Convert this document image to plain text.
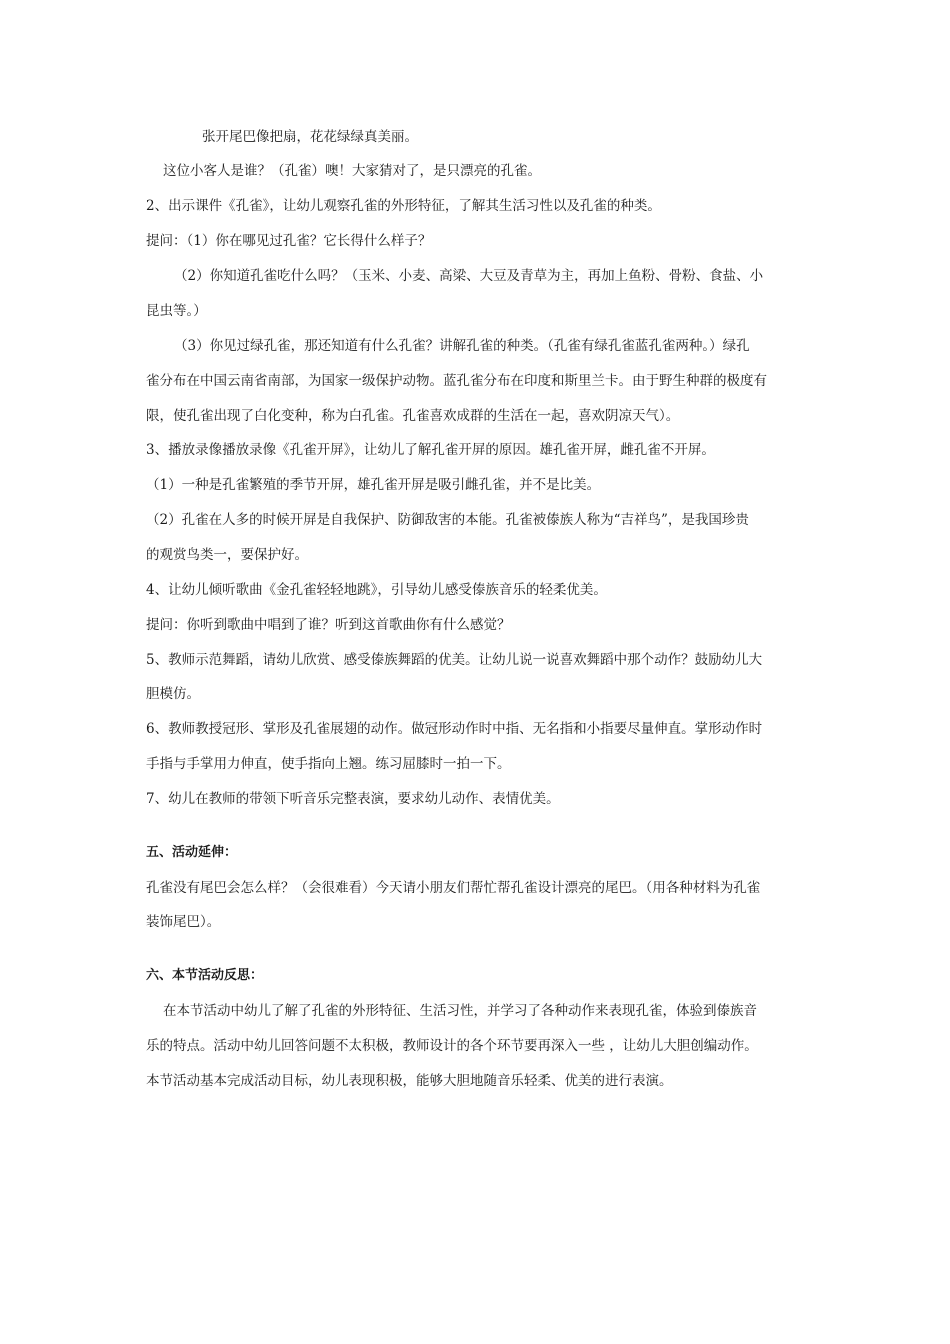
张开尾巴像把扇，花花绿绿真美丽。
这位小客人是谁？（孔雀）噢！大家猜对了，是只漂亮的孔雀。
2、出示课件《孔雀》，让幼儿观察孔雀的外形特征，了解其生活习性以及孔雀的种类。
提问：（1）你在哪见过孔雀？它长得什么样子？
（2）你知道孔雀吃什么吗？（玉米、小麦、高梁、大豆及青草为主，再加上鱼粉、骨粉、食盐、小
昆虫等。）
（3）你见过绿孔雀，那还知道有什么孔雀？讲解孔雀的种类。（孔雀有绿孔雀蓝孔雀两种。）绿孔
雀分布在中国云南省南部，为国家一级保护动物。蓝孔雀分布在印度和斯里兰卡。由于野生种群的极度有
限，使孔雀出现了白化变种，称为白孔雀。孔雀喜欢成群的生活在一起，喜欢阴凉天气）。
3、播放录像播放录像《孔雀开屏》，让幼儿了解孔雀开屏的原因。雄孔雀开屏，雌孔雀不开屏。
（1）一种是孔雀繁殖的季节开屏，雄孔雀开屏是吸引雌孔雀，并不是比美。
（2）孔雀在人多的时候开屏是自我保护、防御敌害的本能。孔雀被傣族人称为“吉祥鸟”，是我国珍贵
的观赏鸟类一，要保护好。
4、让幼儿倾听歌曲《金孔雀轻轻地跳》，引导幼儿感受傣族音乐的轻柔优美。
提问：你听到歌曲中唱到了谁？听到这首歌曲你有什么感觉？
5、教师示范舞蹈，请幼儿欣赏、感受傣族舞蹈的优美。让幼儿说一说喜欢舞蹈中那个动作？鼓励幼儿大
胆模仿。
6、教师教授冠形、掌形及孔雀展翅的动作。做冠形动作时中指、无名指和小指要尽量伸直。掌形动作时
手指与手掌用力伸直，使手指向上翘。练习屈膝时一拍一下。
7、幼儿在教师的带领下听音乐完整表演，要求幼儿动作、表情优美。
五、活动延伸：
孔雀没有尾巴会怎么样？（会很难看）今天请小朋友们帮忙帮孔雀设计漂亮的尾巴。（用各种材料为孔雀
装饰尾巴）。
六、本节活动反思：
在本节活动中幼儿了解了孔雀的外形特征、生活习性，并学习了各种动作来表现孔雀，体验到傣族音
乐的特点。活动中幼儿回答问题不太积极，教师设计的各个环节要再深入一些 ，让幼儿大胆创编动作。
本节活动基本完成活动目标，幼儿表现积极，能够大胆地随音乐轻柔、优美的进行表演。
